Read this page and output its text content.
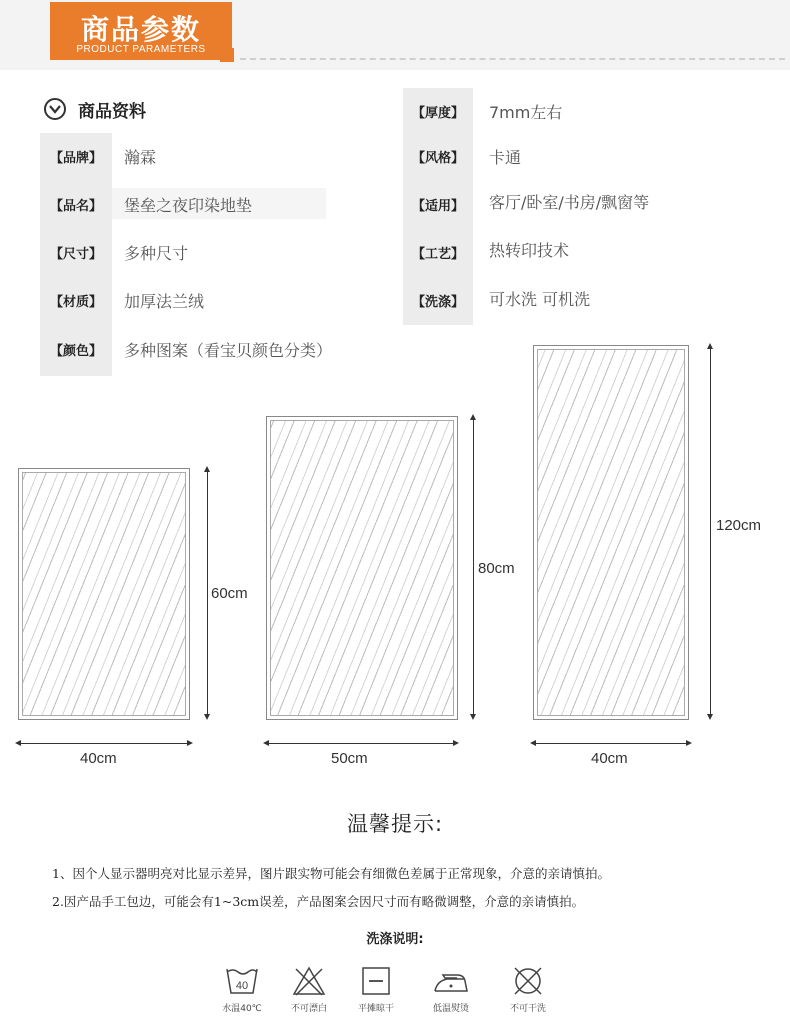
商品参数
PRODUCT PARAMETERS
商品资料
【品牌】	瀚霖
【品名】	堡垒之夜印染地垫
【尺寸】	多种尺寸
【材质】	加厚法兰绒
【颜色】	多种图案（看宝贝颜色分类）
【厚度】	7mm左右
【风格】	卡通
【适用】	客厅/卧室/书房/飘窗等
【工艺】	热转印技术
【洗涤】	可水洗 可机洗
60cm
40cm
80cm
50cm
120cm
40cm
温馨提示:
1、因个人显示器明亮对比显示差异，图片跟实物可能会有细微色差属于正常现象，介意的亲请慎拍。
2.因产品手工包边，可能会有1~3cm误差，产品图案会因尺寸而有略微调整，介意的亲请慎拍。
洗涤说明:
40
水温40℃	不可漂白	平摊晾干	低温熨烫	不可干洗
